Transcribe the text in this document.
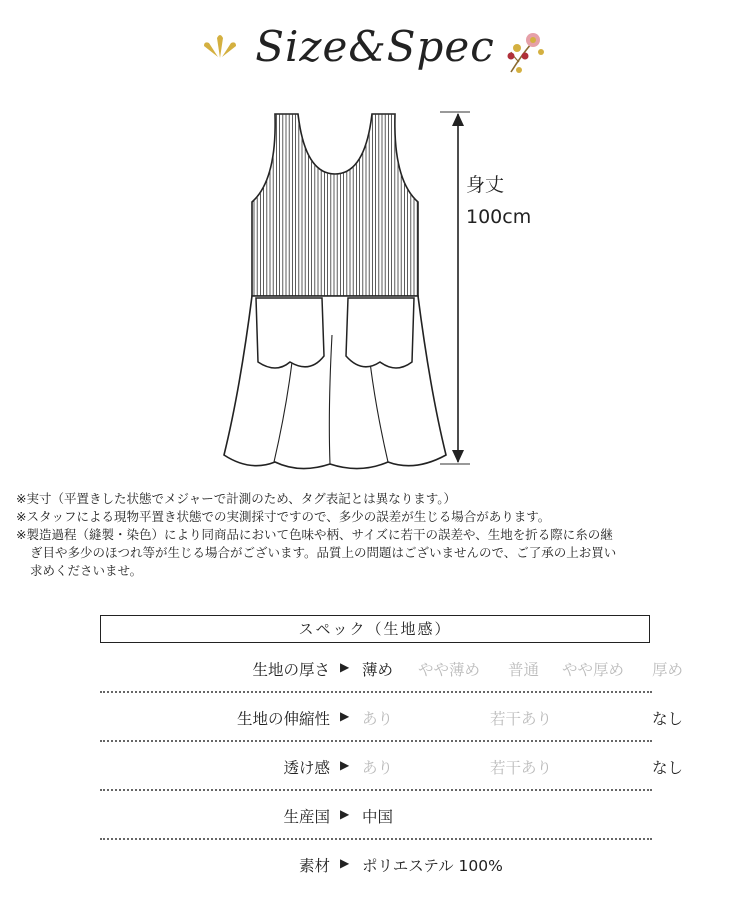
Size&Spec
身丈
100cm
※実寸（平置きした状態でメジャーで計測のため、タグ表記とは異なります。）
※スタッフによる現物平置き状態での実測採寸ですので、多少の誤差が生じる場合があります。
※製造過程（縫製・染色）により同商品において色味や柄、サイズに若干の誤差や、生地を折る際に糸の継
ぎ目や多少のほつれ等が生じる場合がございます。品質上の問題はございませんので、ご了承の上お買い
求めくださいませ。
スペック（生地感）
生地の厚さ ▶ 薄め やや薄め 普通 やや厚め 厚め
生地の伸縮性 ▶ あり	若干あり	なし
透け感 ▶ あり	若干あり	なし
生産国 ▶ 中国
素材 ▶ ポリエステル 100%
